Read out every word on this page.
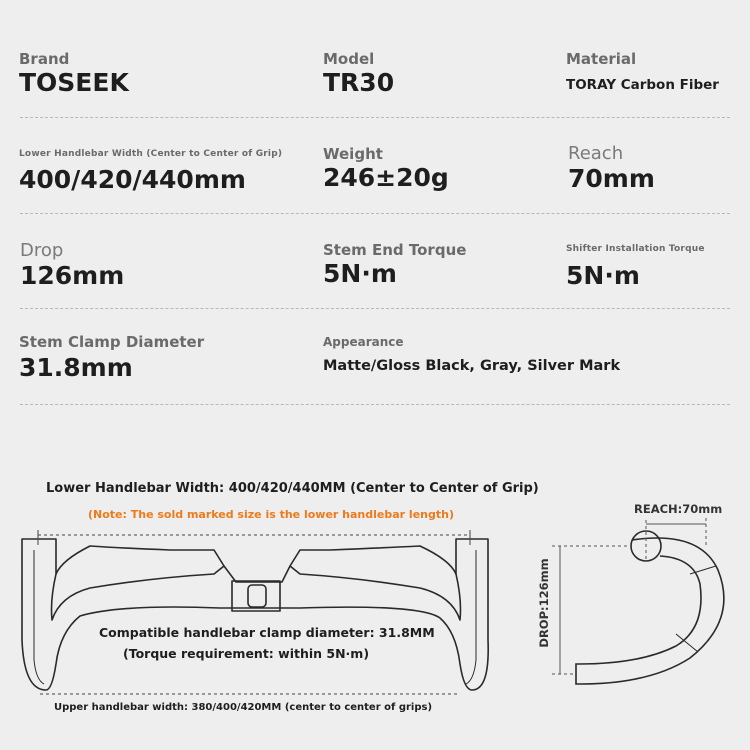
Brand
TOSEEK
Model
TR30
Material
TORAY Carbon Fiber
Lower Handlebar Width (Center to Center of Grip)
400/420/440mm
Weight
246±20g
Reach
70mm
Drop
126mm
Stem End Torque
5N·m
Shifter Installation Torque
5N·m
Stem Clamp Diameter
31.8mm
Appearance
Matte/Gloss Black, Gray, Silver Mark
Lower Handlebar Width: 400/420/440MM (Center to Center of Grip)
(Note: The sold marked size is the lower handlebar length)
Compatible handlebar clamp diameter: 31.8MM
(Torque requirement: within 5N·m)
Upper handlebar width: 380/400/420MM (center to center of grips)
REACH:70mm
DROP:126mm
